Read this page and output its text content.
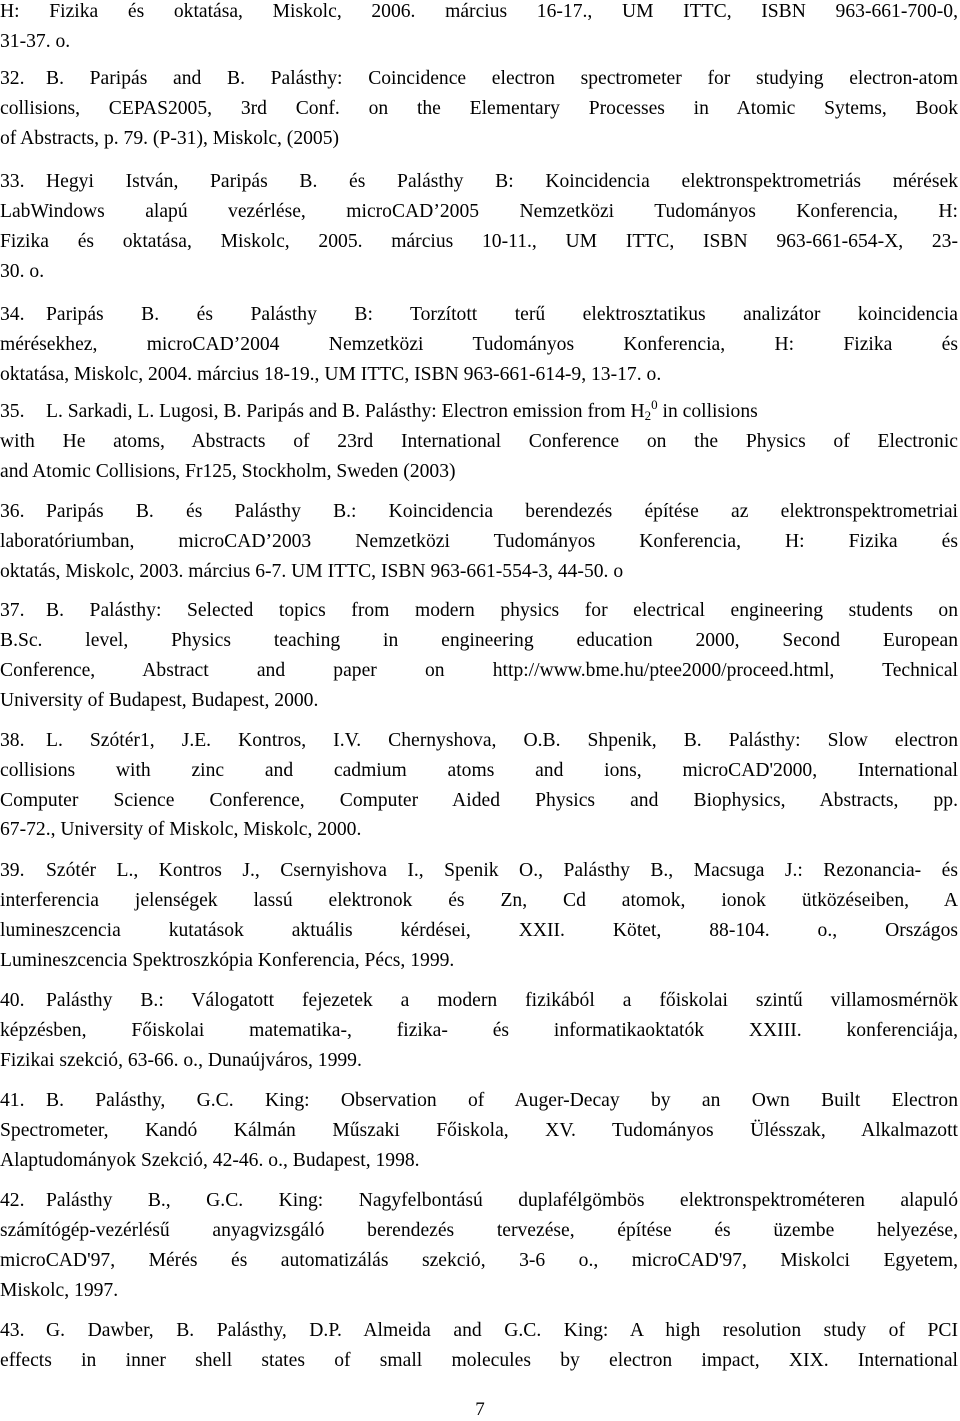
H: Fizika és oktatása, Miskolc, 2006. március 16-17., UM ITTC, ISBN 963-661-700-0,
31-37. o.
32. B. Paripás and B. Palásthy: Coincidence electron spectrometer for studying electron-atom
collisions, CEPAS2005, 3rd Conf. on the Elementary Processes in Atomic Sytems, Book
of Abstracts, p. 79. (P-31), Miskolc, (2005)
33. Hegyi István, Paripás B. és Palásthy B: Koincidencia elektronspektrometriás mérések
LabWindows alapú vezérlése, microCAD’2005 Nemzetközi Tudományos Konferencia, H:
Fizika és oktatása, Miskolc, 2005. március 10-11., UM ITTC, ISBN 963-661-654-X, 23-
30. o.
34. Paripás B. és Palásthy B: Torzított terű elektrosztatikus analizátor koincidencia
mérésekhez, microCAD’2004 Nemzetközi Tudományos Konferencia, H: Fizika és
oktatása, Miskolc, 2004. március 18-19., UM ITTC, ISBN 963-661-614-9, 13-17. o.
35. L. Sarkadi, L. Lugosi, B. Paripás and B. Palásthy: Electron emission from $H_2^0$ in collisions
with He atoms, Abstracts of 23rd International Conference on the Physics of Electronic
and Atomic Collisions, Fr125, Stockholm, Sweden (2003)
36. Paripás B. és Palásthy B.: Koincidencia berendezés építése az elektronspektrometriai
laboratóriumban, microCAD’2003 Nemzetközi Tudományos Konferencia, H: Fizika és
oktatás, Miskolc, 2003. március 6-7. UM ITTC, ISBN 963-661-554-3, 44-50. o
37. B. Palásthy: Selected topics from modern physics for electrical engineering students on
B.Sc. level, Physics teaching in engineering education 2000, Second European
Conference, Abstract and paper on http://www.bme.hu/ptee2000/proceed.html, Technical
University of Budapest, Budapest, 2000.
38. L. Szótér1, J.E. Kontros, I.V. Chernyshova, O.B. Shpenik, B. Palásthy: Slow electron
collisions with zinc and cadmium atoms and ions, microCAD'2000, International
Computer Science Conference, Computer Aided Physics and Biophysics, Abstracts, pp.
67-72., University of Miskolc, Miskolc, 2000.
39. Szótér L., Kontros J., Csernyishova I., Spenik O., Palásthy B., Macsuga J.: Rezonancia- és
interferencia jelenségek lassú elektronok és Zn, Cd atomok, ionok ütközéseiben, A
lumineszcencia kutatások aktuális kérdései, XXII. Kötet, 88-104. o., Országos
Lumineszcencia Spektroszkópia Konferencia, Pécs, 1999.
40. Palásthy B.: Válogatott fejezetek a modern fizikából a főiskolai szintű villamosmérnök
képzésben, Főiskolai matematika-, fizika- és informatikaoktatók XXIII. konferenciája,
Fizikai szekció, 63-66. o., Dunaújváros, 1999.
41. B. Palásthy, G.C. King: Observation of Auger-Decay by an Own Built Electron
Spectrometer, Kandó Kálmán Műszaki Főiskola, XV. Tudományos Ülésszak, Alkalmazott
Alaptudományok Szekció, 42-46. o., Budapest, 1998.
42. Palásthy B., G.C. King: Nagyfelbontású duplafélgömbös elektronspektrométeren alapuló
számítógép-vezérlésű anyagvizsgáló berendezés tervezése, építése és üzembe helyezése,
microCAD'97, Mérés és automatizálás szekció, 3-6 o., microCAD'97, Miskolci Egyetem,
Miskolc, 1997.
43. G. Dawber, B. Palásthy, D.P. Almeida and G.C. King: A high resolution study of PCI
effects in inner shell states of small molecules by electron impact, XIX. International
7
